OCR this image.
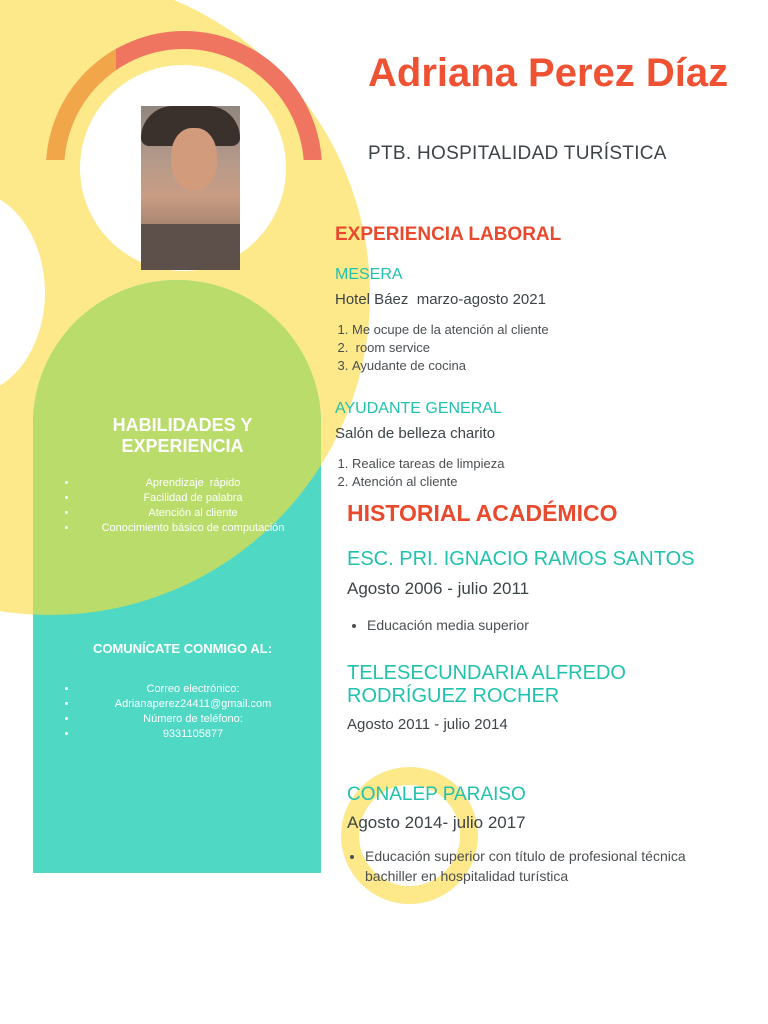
Adriana Perez Díaz
PTB. HOSPITALIDAD TURÍSTICA
EXPERIENCIA LABORAL
MESERA
Hotel Báez  marzo-agosto 2021
1. Me ocupe de la atención al cliente
2.  room service
3. Ayudante de cocina
AYUDANTE GENERAL
Salón de belleza charito
1. Realice tareas de limpieza
2. Atención al cliente
HISTORIAL ACADÉMICO
ESC. PRI. IGNACIO RAMOS SANTOS
Agosto 2006 - julio 2011
• Educación media superior
TELESECUNDARIA ALFREDO RODRÍGUEZ ROCHER
Agosto 2011 - julio 2014
CONALEP PARAISO
Agosto 2014- julio 2017
• Educación superior con título de profesional técnica bachiller en hospitalidad turística
HABILIDADES Y EXPERIENCIA
• Aprendizaje  rápido
• Facilidad de palabra
• Atención al cliente
• Conocimiento básico de computación
COMUNÍCATE CONMIGO AL:
• Correo electrónico:
• Adrianaperez24411@gmail.com
• Número de teléfono:
• 9331105877
